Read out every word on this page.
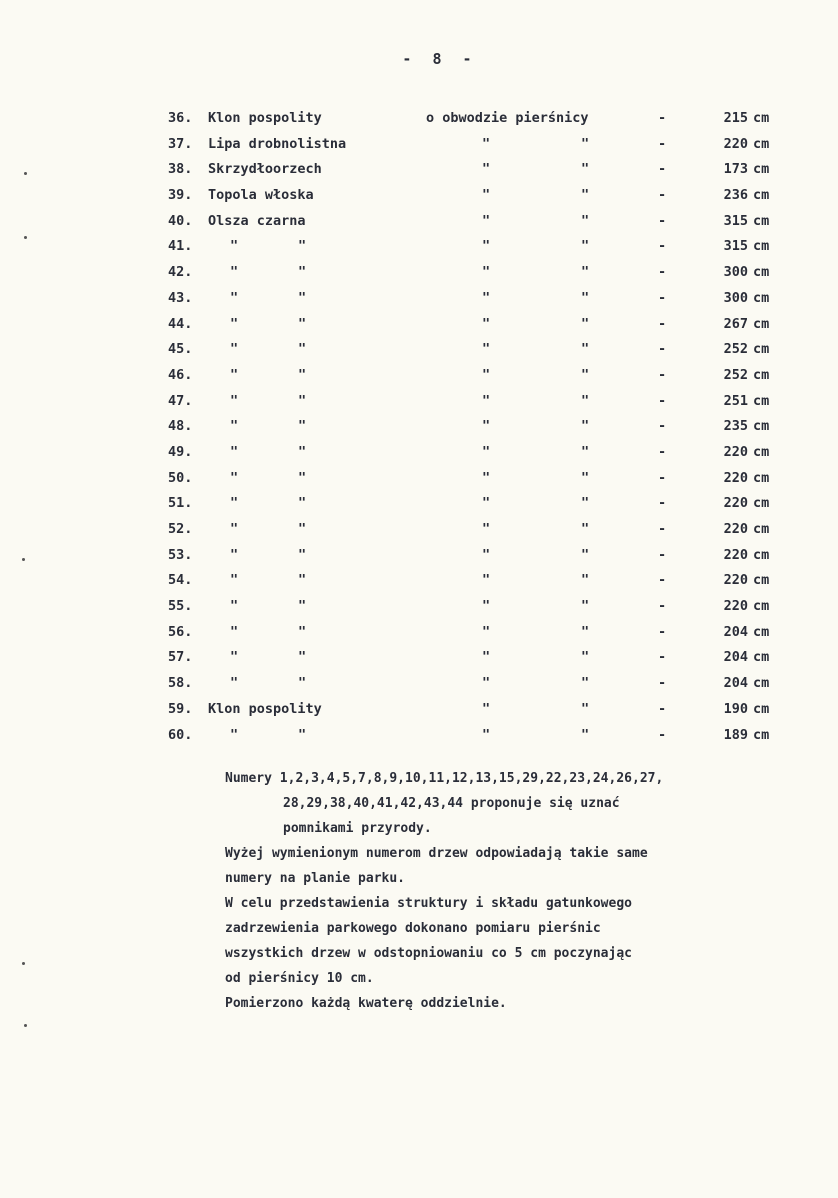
- 8 -
36. Klon pospolity	o obwodzie pierśnicy	-	215 cm
37. Lipa drobnolistna	"	"	-	220 cm
38. Skrzydłoorzech	"	"	-	173 cm
39. Topola włoska	"	"	-	236 cm
40. Olsza czarna	"	"	-	315 cm
41.	"	"	"	"	-	315 cm
42.	"	"	"	"	-	300 cm
43.	"	"	"	"	-	300 cm
44.	"	"	"	"	-	267 cm
45.	"	"	"	"	-	252 cm
46.	"	"	"	"	-	252 cm
47.	"	"	"	"	-	251 cm
48.	"	"	"	"	-	235 cm
49.	"	"	"	"	-	220 cm
50.	"	"	"	"	-	220 cm
51.	"	"	"	"	-	220 cm
52.	"	"	"	"	-	220 cm
53.	"	"	"	"	-	220 cm
54.	"	"	"	"	-	220 cm
55.	"	"	"	"	-	220 cm
56.	"	"	"	"	-	204 cm
57.	"	"	"	"	-	204 cm
58.	"	"	"	"	-	204 cm
59. Klon pospolity	"	"	-	190 cm
60.	"	"	"	"	-	189 cm
Numery 1,2,3,4,5,7,8,9,10,11,12,13,15,29,22,23,24,26,27,
28,29,38,40,41,42,43,44 proponuje się uznać
pomnikami przyrody.
Wyżej wymienionym numerom drzew odpowiadają takie same
numery na planie parku.
W celu przedstawienia struktury i składu gatunkowego
zadrzewienia parkowego dokonano pomiaru pierśnic
wszystkich drzew w odstopniowaniu co 5 cm poczynając
od pierśnicy 10 cm.
Pomierzono każdą kwaterę oddzielnie.
